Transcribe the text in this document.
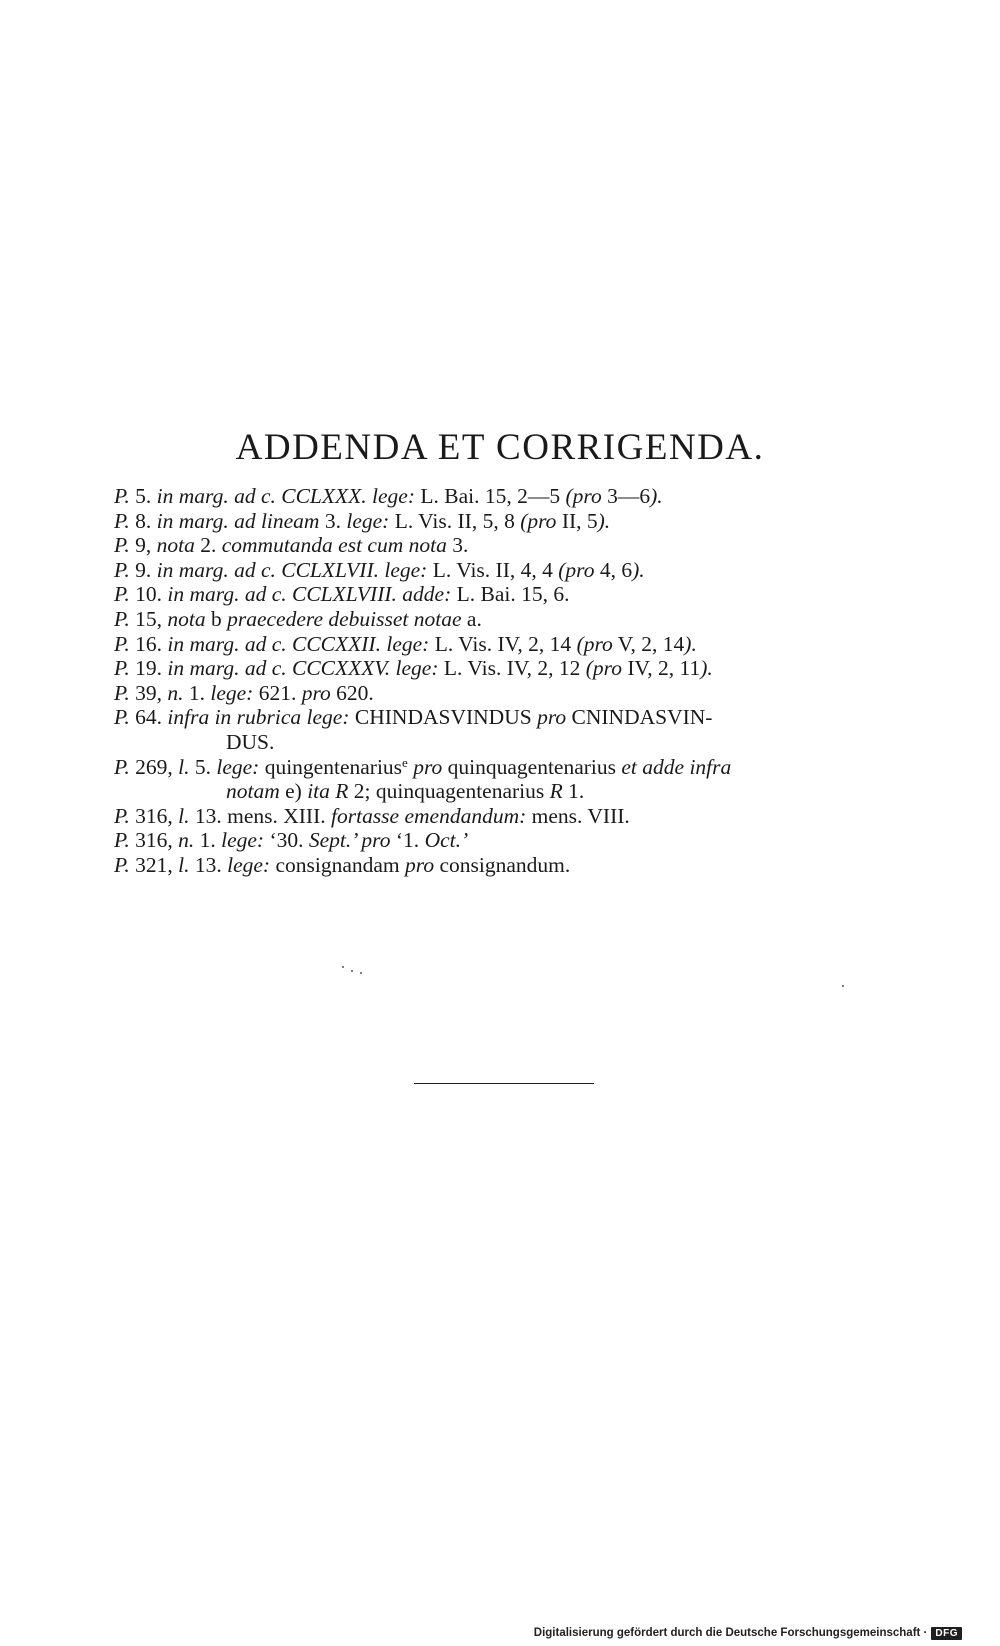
ADDENDA ET CORRIGENDA.
P. 5. in marg. ad c. CCLXXX. lege: L. Bai. 15, 2—5 (pro 3—6).
P. 8. in marg. ad lineam 3. lege: L. Vis. II, 5, 8 (pro II, 5).
P. 9, nota 2. commutanda est cum nota 3.
P. 9. in marg. ad c. CCLXLVII. lege: L. Vis. II, 4, 4 (pro 4, 6).
P. 10. in marg. ad c. CCLXLVIII. adde: L. Bai. 15, 6.
P. 15, nota b praecedere debuisset notae a.
P. 16. in marg. ad c. CCCXXII. lege: L. Vis. IV, 2, 14 (pro V, 2, 14).
P. 19. in marg. ad c. CCCXXXV. lege: L. Vis. IV, 2, 12 (pro IV, 2, 11).
P. 39, n. 1. lege: 621. pro 620.
P. 64. infra in rubrica lege: CHINDASVINDUS pro CNINDASVIN-
DUS.
P. 269, l. 5. lege: quingentenarius$^e$ pro quinquagentenarius et adde infra
notam e) ita R 2; quinquagentenarius R 1.
P. 316, l. 13. mens. XIII. fortasse emendandum: mens. VIII.
P. 316, n. 1. lege: ‘30. Sept.’ pro ‘1. Oct.’
P. 321, l. 13. lege: consignandam pro consignandum.
Digitalisierung gefördert durch die Deutsche Forschungsgemeinschaft · DFG
